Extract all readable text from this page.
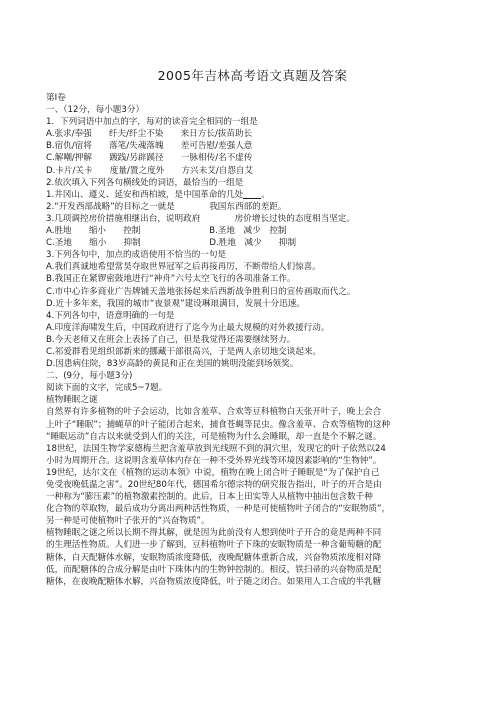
2005年吉林高考语文真题及答案
第Ⅰ卷
一、（12分，每小题3分）
1．下列词语中加点的字，每对的读音完全相同的一组是
A.张求/奉强　　纤夫/纤尘不染　　来日方长/拔苗助长
B.宿仇/宿将　　落笔/失魂落魄　　差可告慰/差强人意
C.解嘲/押解　　踱践/另辟蹊径　　一脉相传/名不虚传
D.卡片/关卡　　度量/置之度外　　方兴未艾/自怨自艾
2.依次填入下列各句横线处的词语，最恰当的一组是
1.井冈山、遵义、延安和西柏坡，是中国革命的几处 。
2.“开发西部战略”的目标之一就是　　　　我国东西部的差距。
3.几项调控房价措施相继出台，说明政府　　　　房价增长过快的态度相当坚定。
A.胜地　　缩小　　控制　　　　　　　　B.圣地　减少　控制
C.圣地　　缩小　　抑制　　　　　　　　D.胜地　减少　　抑制
3.下列各句中，加点的成语使用不恰当的一句是
A.我们真诚地希望常昊夺取世界冠军之后再接再厉，不断带给人们惊喜。
B.我国正在紧锣密鼓地进行“神舟”六号太空飞行的各项准备工作。
C.市中心许多商业广告牌铺天盖地张扬起来后西新战争胜利日的宣传画取而代之。
D.近十多年来，我国的城市“夜景观”建设琳琅满目，发展十分迅速。
4.下列各句中，语意明确的一句是
A.印度洋海啸发生后，中国政府进行了迄今为止最大规模的对外救援行动。
B.今天老师又在班会上表扬了自己，但是我觉得还需要继续努力。
C.祁爱群看见组织部新来的挪藏干部很高兴，于是两人亲切地交谈起来。
D.因患病住院，83岁高龄的黄昆和正在美国的姚明没能到场领奖。
二、(9分，每小题3分)
阅读下面的文字，完成5~7题。
植物睡眠之谜
自然界有许多植物的叶子会运动，比如含羞草、合欢等豆科植物白天张开叶子，晚上会合
上叶子“睡眠”；捕蝇草的叶子能闭合起来，捕食苍蝇等昆虫。像含羞草、合欢等植物的这种
“睡眠运动”自古以来就受到人们的关注，可是植物为什么会睡眠，却一直是个不解之谜。
18世纪，法国生物学家德梅兰把含羞草放到光线照不到的洞穴里，发现它的叶子依然以24
小时为周期开合。这说明含羞草体内存在一种不受外界光线等环境因素影响的“生物钟”。
19世纪，达尔文在《植物的运动本领》中说，植物在晚上闭合叶子睡眠是“为了保护自己
免受夜晚低温之害”。20世纪80年代，德国希尔德宗特的研究报告指出，叶子的开合是由
一种称为“膨压素”的植物激素控制的。此后，日本上田实等人从植物中抽出包含数千种
化合物的萃取物，最后成功分离出两种活性物质，一种是可使植物叶子闭合的“安眠物质”，
另一种是可使植物叶子张开的“兴奋物质”。
植物睡眠之谜之所以长期不得其解，就是因为此前没有人想到使叶子开合的竟是两种不同
的生理活性物质。人们进一步了解到，豆科植物叶子下珠的安眠物质是一种含葡萄糖的配
糖体，白天配糖体水解，安眠物质浓度降低，夜晚配糖体重新合成，兴奋物质浓度相对降
低，而配糖体的合成分解是由叶下珠体内的生物钟控制的。相反，铁扫帚的兴奋物质是配
糖体，在夜晚配糖体水解，兴奋物质浓度降低，叶子随之闭合。如果用人工合成的半乳糖
